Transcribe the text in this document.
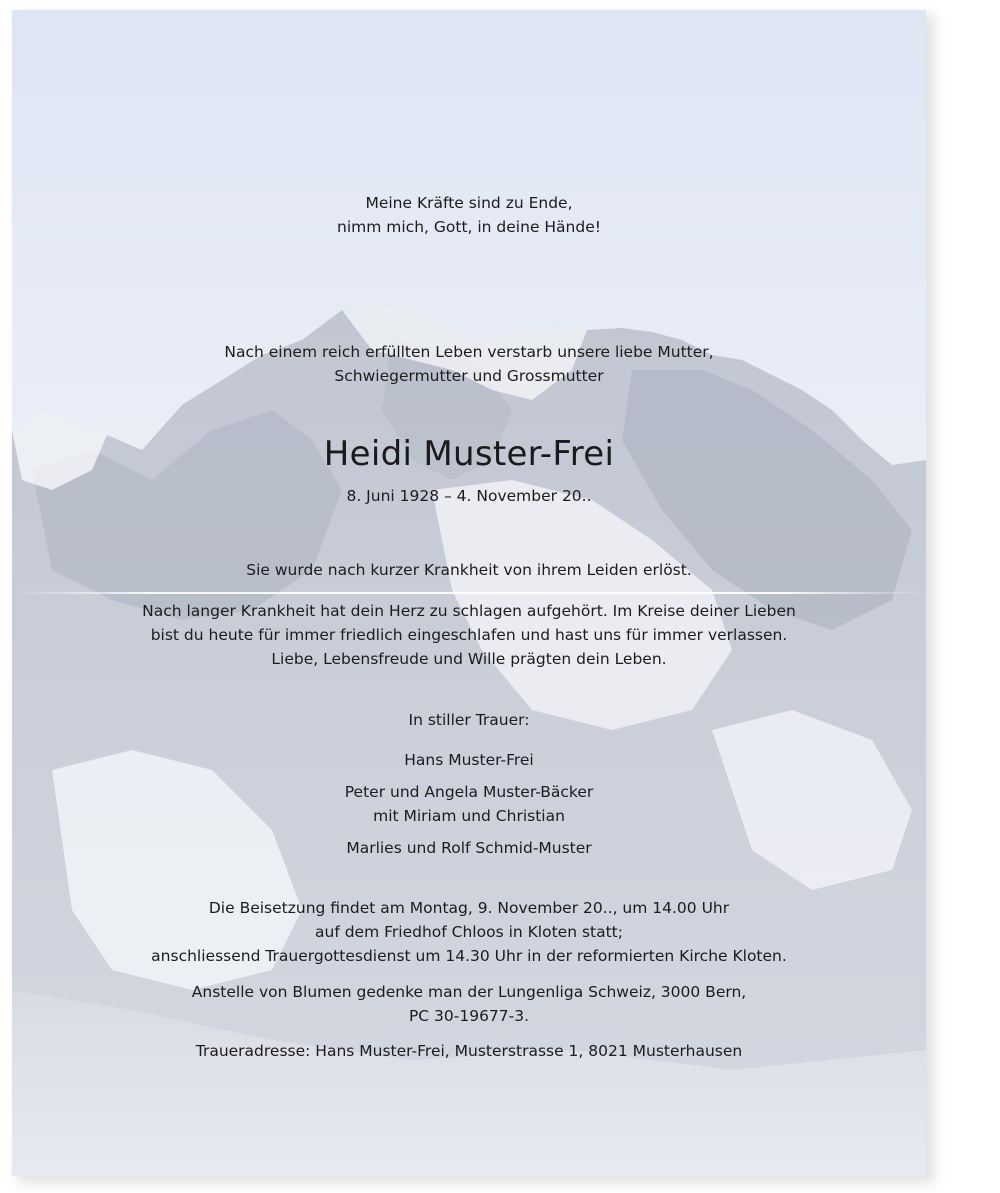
Meine Kräfte sind zu Ende,
nimm mich, Gott, in deine Hände!
Nach einem reich erfüllten Leben verstarb unsere liebe Mutter,
Schwiegermutter und Grossmutter
Heidi Muster-Frei
8. Juni 1928 – 4. November 20..
Sie wurde nach kurzer Krankheit von ihrem Leiden erlöst.
Nach langer Krankheit hat dein Herz zu schlagen aufgehört. Im Kreise deiner Lieben
bist du heute für immer friedlich eingeschlafen und hast uns für immer verlassen.
Liebe, Lebensfreude und Wille prägten dein Leben.
In stiller Trauer:
Hans Muster-Frei
Peter und Angela Muster-Bäcker
mit Miriam und Christian
Marlies und Rolf Schmid-Muster
Die Beisetzung findet am Montag, 9. November 20.., um 14.00 Uhr
auf dem Friedhof Chloos in Kloten statt;
anschliessend Trauergottesdienst um 14.30 Uhr in der reformierten Kirche Kloten.
Anstelle von Blumen gedenke man der Lungenliga Schweiz, 3000 Bern,
PC 30-19677-3.
Traueradresse: Hans Muster-Frei, Musterstrasse 1, 8021 Musterhausen
